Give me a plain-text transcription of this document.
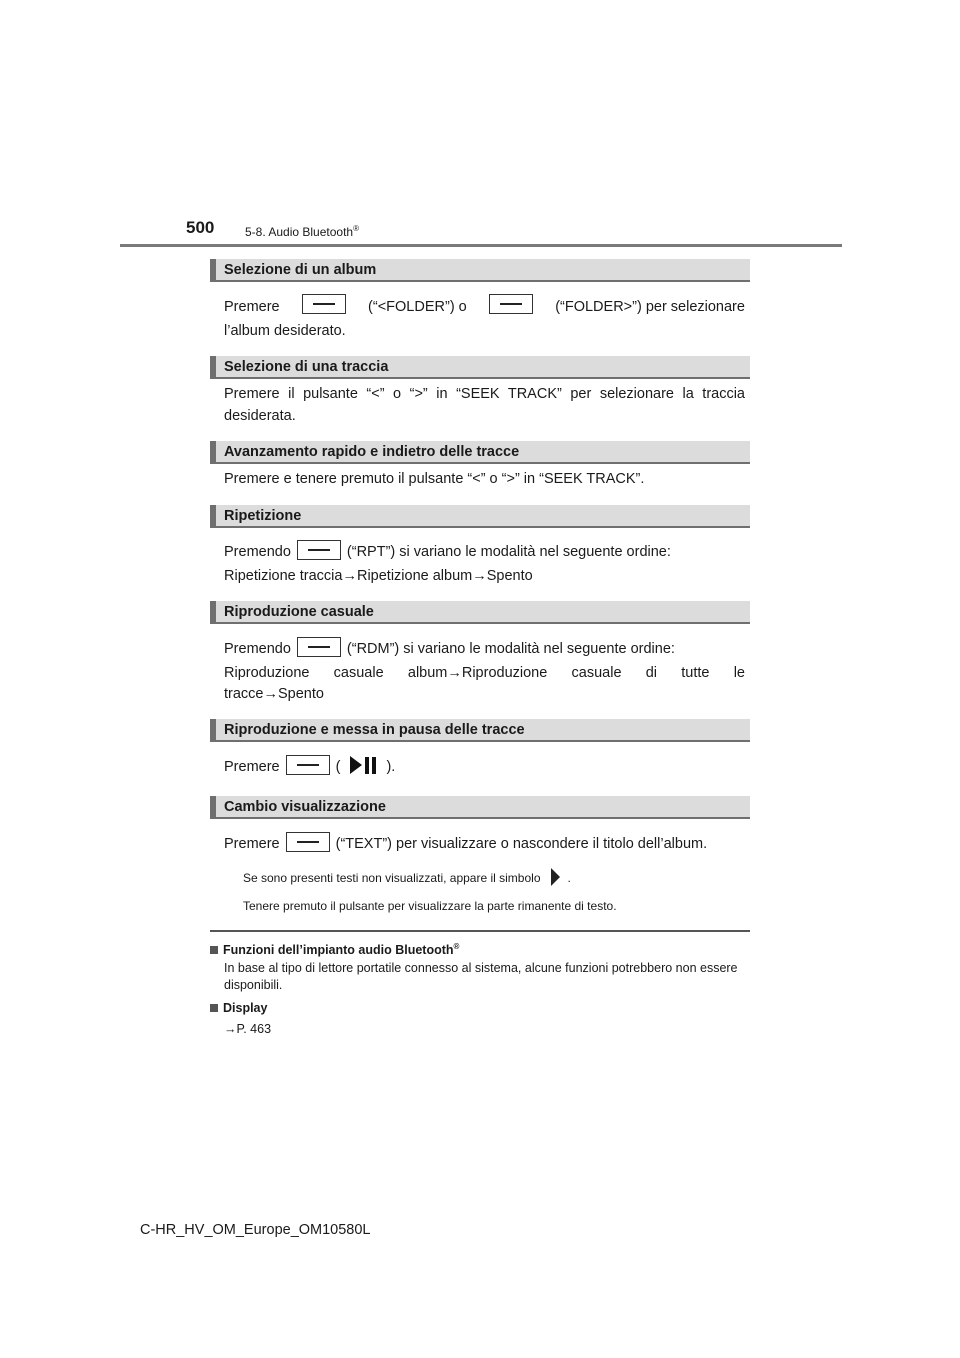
500	5-8. Audio Bluetooth®
Selezione di un album
Premere	(“<FOLDER”) o	(“FOLDER>”) per selezionare
l’album desiderato.
Selezione di una traccia
Premere il pulsante “<” o “>” in “SEEK TRACK” per selezionare la traccia
desiderata.
Avanzamento rapido e indietro delle tracce
Premere e tenere premuto il pulsante “<” o “>” in “SEEK TRACK”.
Ripetizione
Premendo	(“RPT”) si variano le modalità nel seguente ordine:
Ripetizione traccia→Ripetizione album→Spento
Riproduzione casuale
Premendo	(“RDM”) si variano le modalità nel seguente ordine:
Riproduzione casuale album→Riproduzione casuale di tutte le
tracce→Spento
Riproduzione e messa in pausa delle tracce
Premere	(	).
Cambio visualizzazione
Premere	(“TEXT”) per visualizzare o nascondere il titolo dell’album.
Se sono presenti testi non visualizzati, appare il simbolo .
Tenere premuto il pulsante per visualizzare la parte rimanente di testo.
Funzioni dell’impianto audio Bluetooth®
In base al tipo di lettore portatile connesso al sistema, alcune funzioni potrebbero non essere disponibili.
Display
→P. 463
C-HR_HV_OM_Europe_OM10580L
